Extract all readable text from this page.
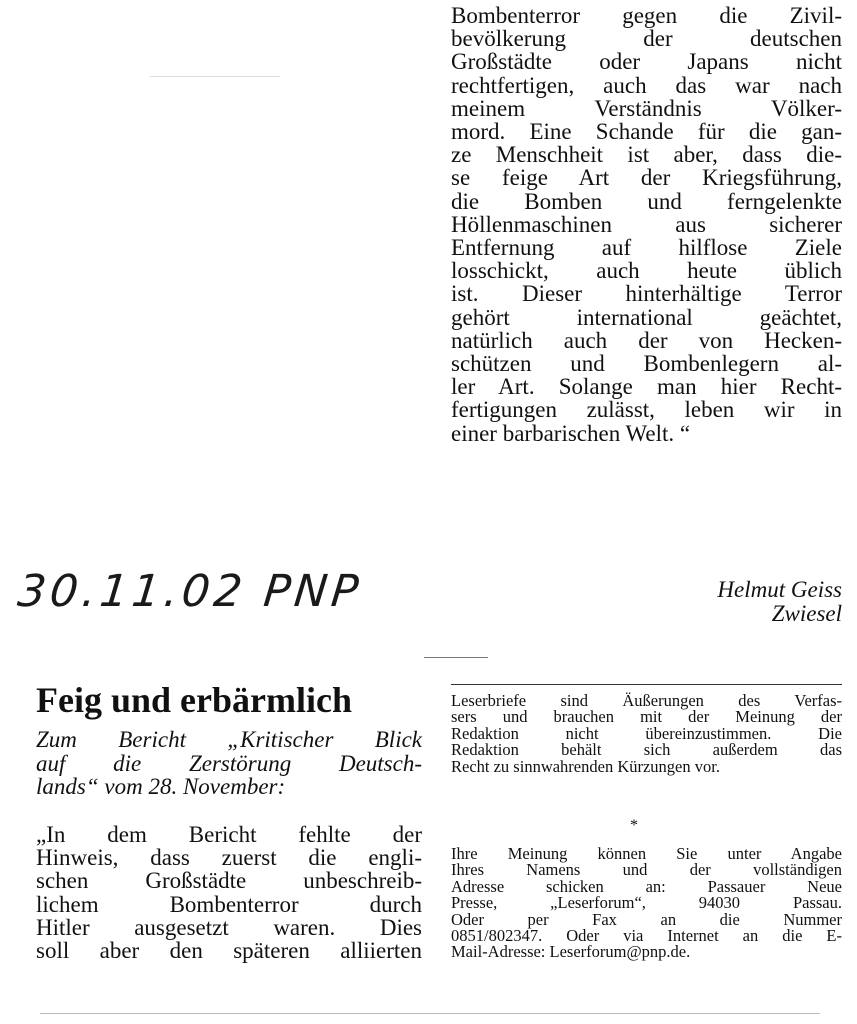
Bombenterror gegen die Zivil-
bevölkerung der deutschen
Großstädte oder Japans nicht
rechtfertigen, auch das war nach
meinem Verständnis Völker-
mord. Eine Schande für die gan-
ze Menschheit ist aber, dass die-
se feige Art der Kriegsführung,
die Bomben und ferngelenkte
Höllenmaschinen aus sicherer
Entfernung auf hilflose Ziele
losschickt, auch heute üblich
ist. Dieser hinterhältige Terror
gehört international geächtet,
natürlich auch der von Hecken-
schützen und Bombenlegern al-
ler Art. Solange man hier Recht-
fertigungen zulässt, leben wir in
einer barbarischen Welt. “
Helmut Geiss
Zwiesel
30.11.02 PNP
Feig und erbärmlich
Zum Bericht „Kritischer Blick
auf die Zerstörung Deutsch-
lands“ vom 28. November:
„In dem Bericht fehlte der
Hinweis, dass zuerst die engli-
schen Großstädte unbeschreib-
lichem Bombenterror durch
Hitler ausgesetzt waren. Dies
soll aber den späteren alliierten
Leserbriefe sind Äußerungen des Verfas-
sers und brauchen mit der Meinung der
Redaktion nicht übereinzustimmen. Die
Redaktion behält sich außerdem das
Recht zu sinnwahrenden Kürzungen vor.
*
Ihre Meinung können Sie unter Angabe
Ihres Namens und der vollständigen
Adresse schicken an: Passauer Neue
Presse, „Leserforum“, 94030 Passau.
Oder per Fax an die Nummer
0851/802347. Oder via Internet an die E-
Mail-Adresse: Leserforum@pnp.de.
